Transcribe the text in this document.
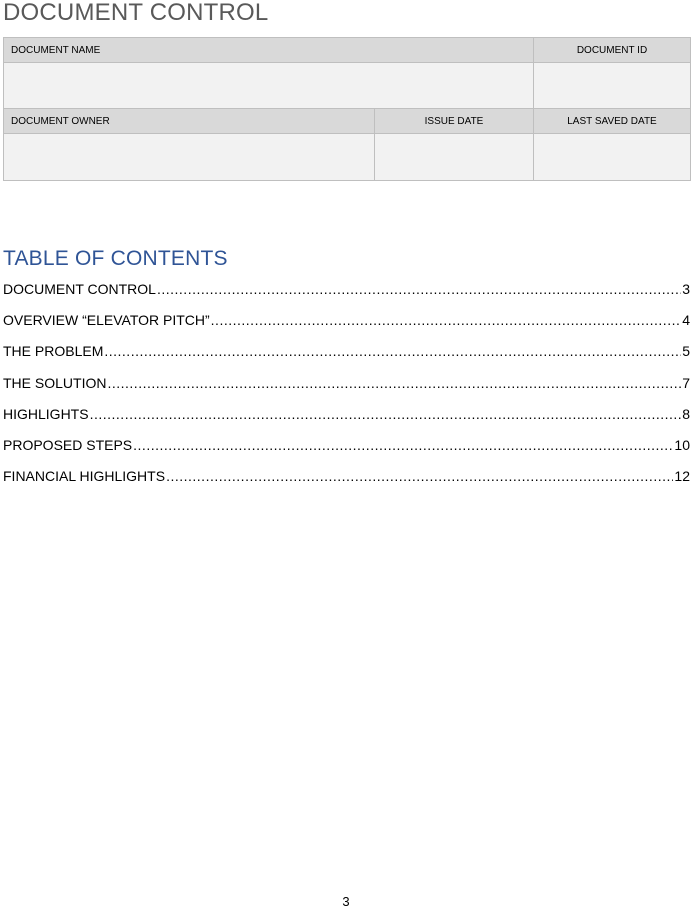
DOCUMENT CONTROL
DOCUMENT NAME	DOCUMENT ID

DOCUMENT OWNER	ISSUE DATE	LAST SAVED DATE

TABLE OF CONTENTS
DOCUMENT CONTROL .....	3
OVERVIEW “ELEVATOR PITCH” .....	4
THE PROBLEM .....	5
THE SOLUTION .....	7
HIGHLIGHTS .....	8
PROPOSED STEPS .....	10
FINANCIAL HIGHLIGHTS .....	12
3
